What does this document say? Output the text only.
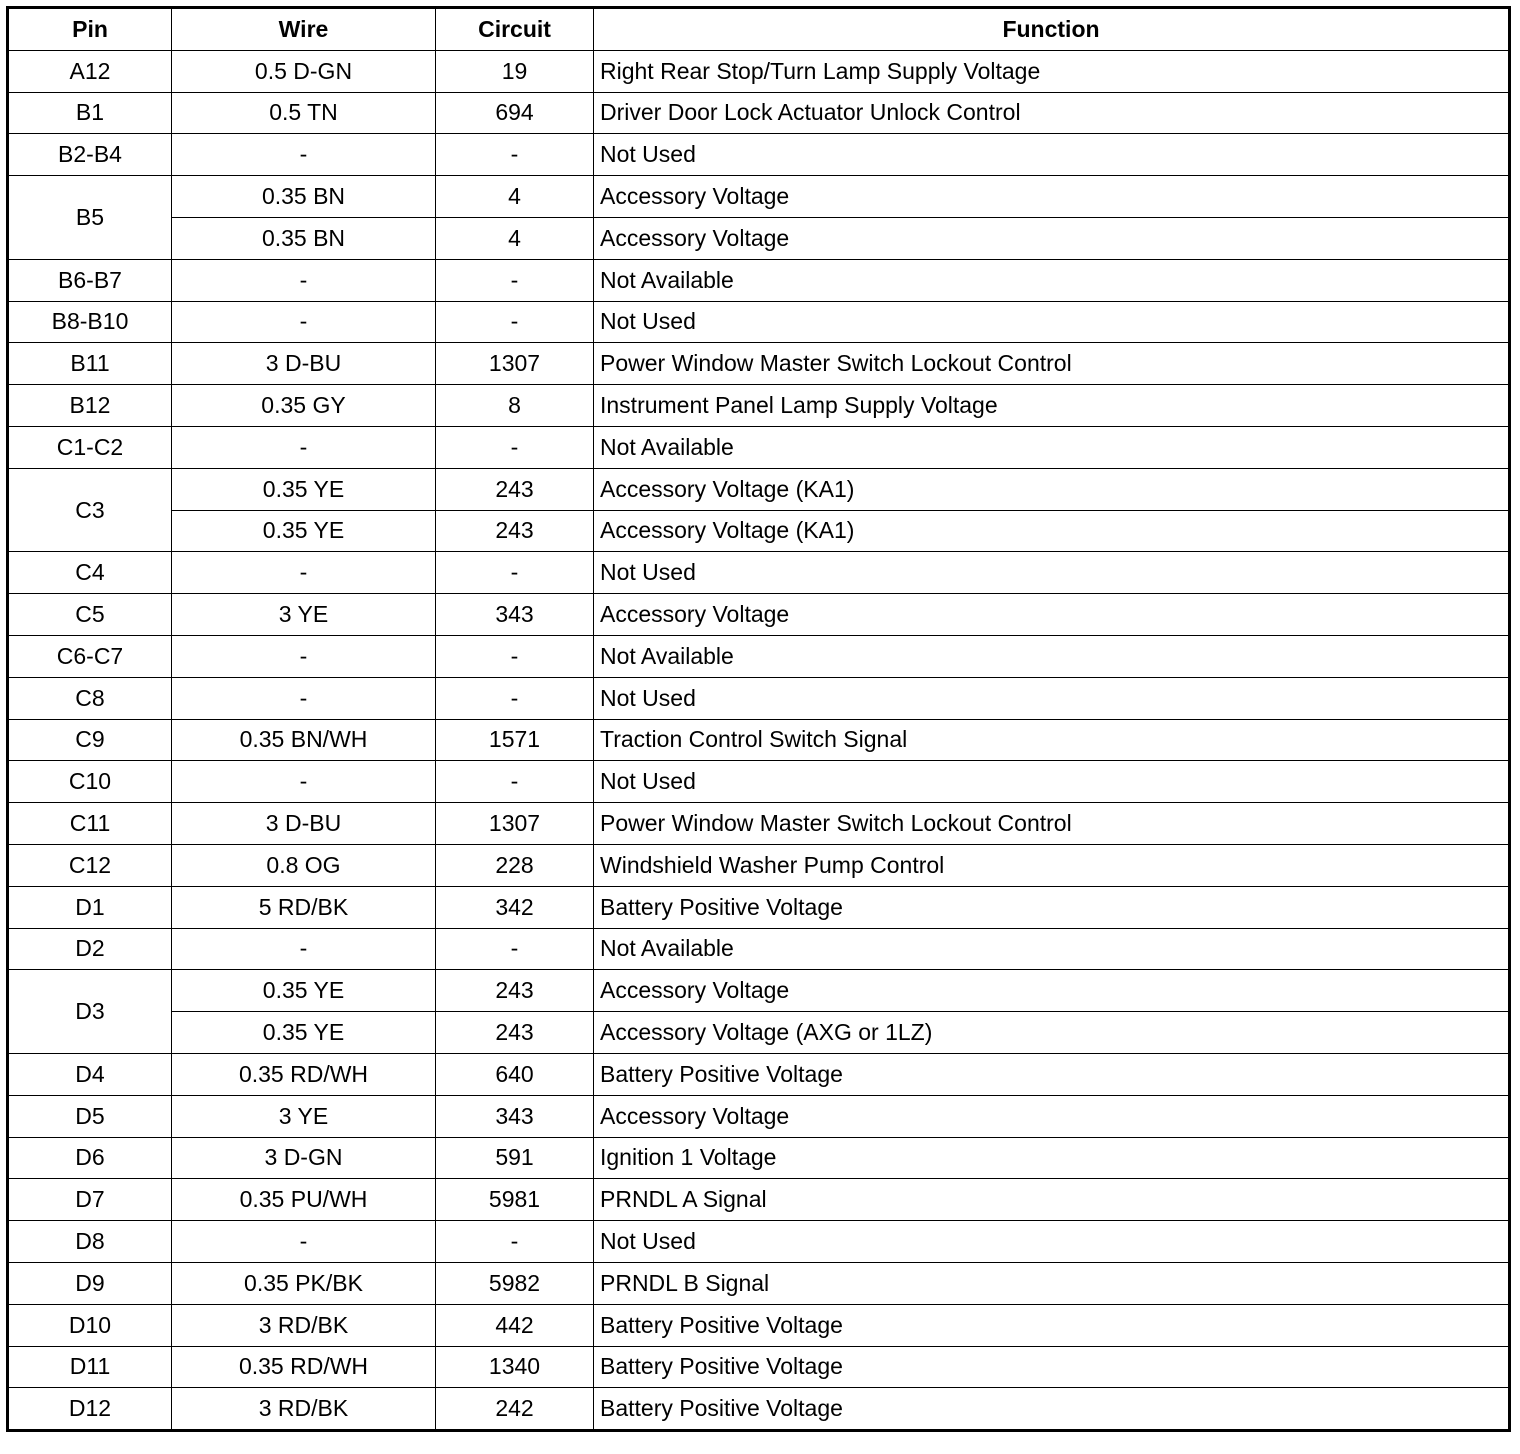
Pin	Wire	Circuit	Function
A12	0.5 D-GN	19	Right Rear Stop/Turn Lamp Supply Voltage
B1	0.5 TN	694	Driver Door Lock Actuator Unlock Control
B2-B4	-	-	Not Used
B5	0.35 BN	4	Accessory Voltage
	0.35 BN	4	Accessory Voltage
B6-B7	-	-	Not Available
B8-B10	-	-	Not Used
B11	3 D-BU	1307	Power Window Master Switch Lockout Control
B12	0.35 GY	8	Instrument Panel Lamp Supply Voltage
C1-C2	-	-	Not Available
C3	0.35 YE	243	Accessory Voltage (KA1)
	0.35 YE	243	Accessory Voltage (KA1)
C4	-	-	Not Used
C5	3 YE	343	Accessory Voltage
C6-C7	-	-	Not Available
C8	-	-	Not Used
C9	0.35 BN/WH	1571	Traction Control Switch Signal
C10	-	-	Not Used
C11	3 D-BU	1307	Power Window Master Switch Lockout Control
C12	0.8 OG	228	Windshield Washer Pump Control
D1	5 RD/BK	342	Battery Positive Voltage
D2	-	-	Not Available
D3	0.35 YE	243	Accessory Voltage
	0.35 YE	243	Accessory Voltage (AXG or 1LZ)
D4	0.35 RD/WH	640	Battery Positive Voltage
D5	3 YE	343	Accessory Voltage
D6	3 D-GN	591	Ignition 1 Voltage
D7	0.35 PU/WH	5981	PRNDL A Signal
D8	-	-	Not Used
D9	0.35 PK/BK	5982	PRNDL B Signal
D10	3 RD/BK	442	Battery Positive Voltage
D11	0.35 RD/WH	1340	Battery Positive Voltage
D12	3 RD/BK	242	Battery Positive Voltage
